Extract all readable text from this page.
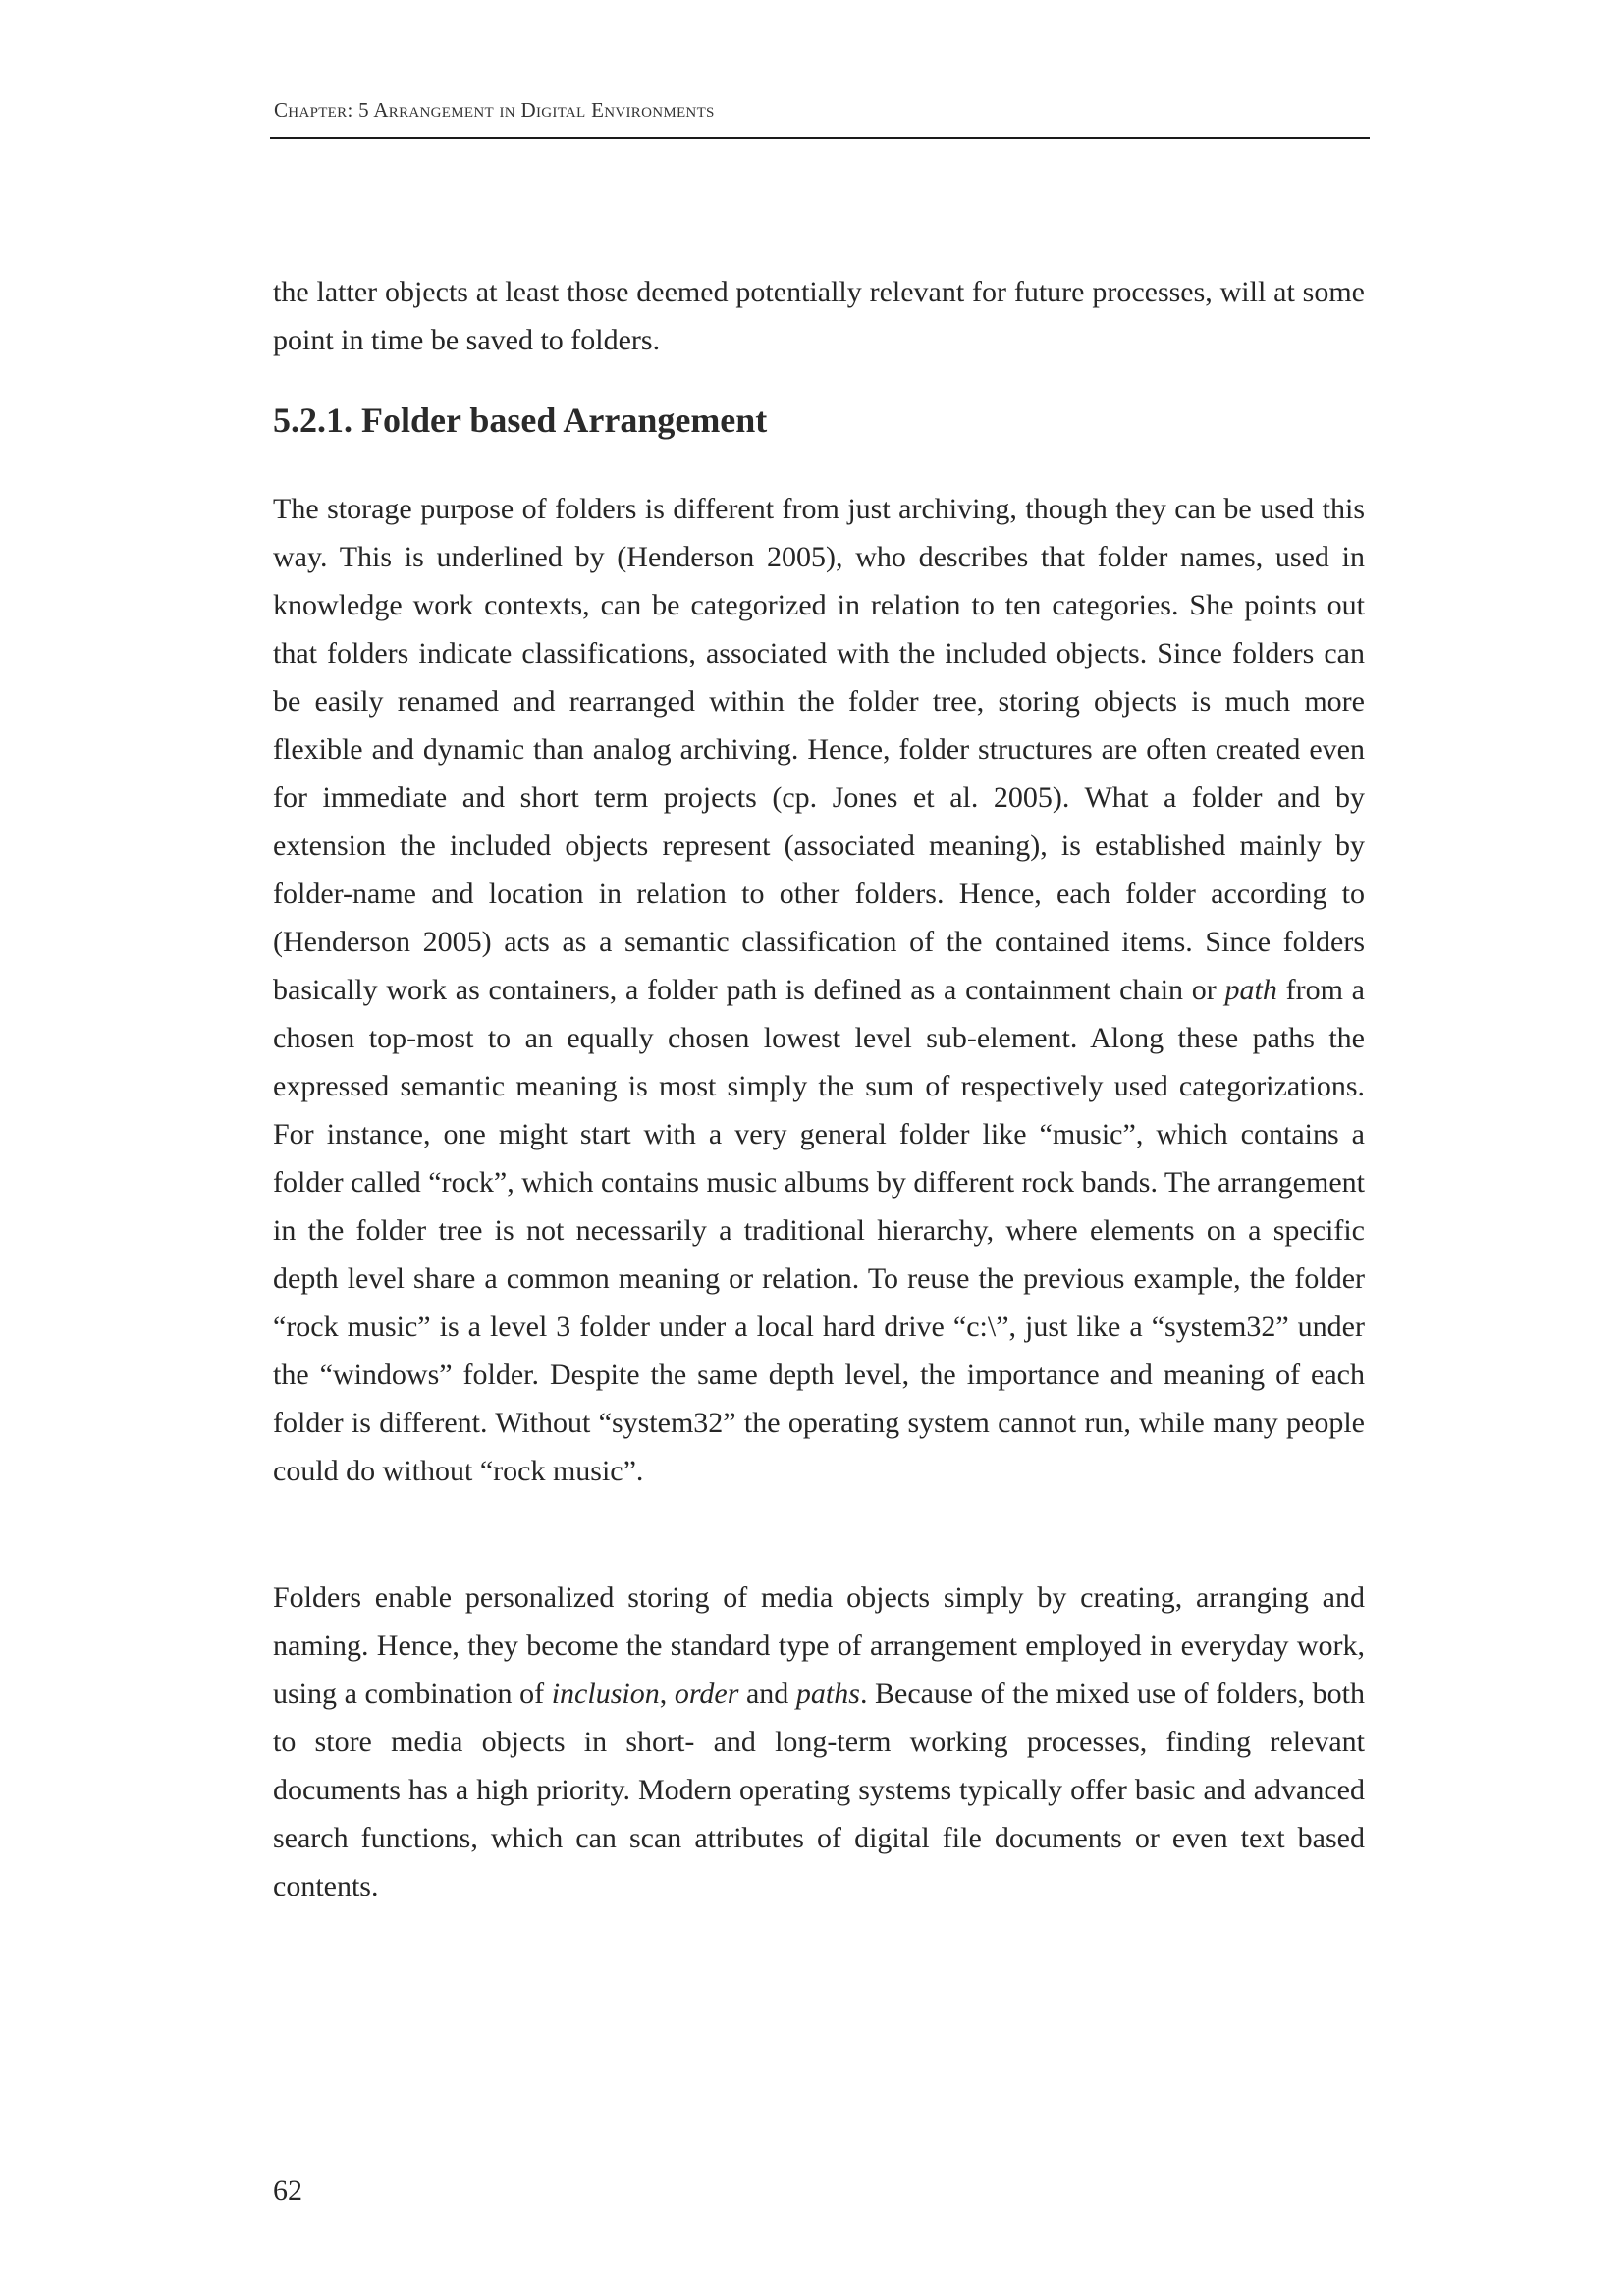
Chapter: 5 Arrangement in Digital Environments

the latter objects at least those deemed potentially relevant for future processes, will at some point in time be saved to folders.

5.2.1. Folder based Arrangement

The storage purpose of folders is different from just archiving, though they can be used this way. This is underlined by (Henderson 2005), who describes that folder names, used in knowledge work contexts, can be categorized in relation to ten categories. She points out that folders indicate classifications, associated with the included objects. Since folders can be easily renamed and rearranged within the folder tree, storing objects is much more flexible and dynamic than analog archiving. Hence, folder structures are often created even for immediate and short term projects (cp. Jones et al. 2005). What a folder and by extension the included objects represent (associated meaning), is established mainly by folder-name and location in relation to other folders. Hence, each folder according to (Henderson 2005) acts as a semantic classification of the contained items. Since folders basically work as containers, a folder path is defined as a containment chain or path from a chosen top-most to an equally chosen lowest level sub-element. Along these paths the expressed semantic meaning is most simply the sum of respectively used categorizations. For instance, one might start with a very general folder like “music”, which contains a folder called “rock”, which contains music albums by different rock bands. The arrangement in the folder tree is not necessarily a traditional hierarchy, where elements on a specific depth level share a common meaning or relation. To reuse the previous example, the folder “rock music” is a level 3 folder under a local hard drive “c:\”, just like a “system32” under the “windows” folder. Despite the same depth level, the importance and meaning of each folder is different. Without “system32” the operating system cannot run, while many people could do without “rock music”.

Folders enable personalized storing of media objects simply by creating, arranging and naming. Hence, they become the standard type of arrangement employed in everyday work, using a combination of inclusion, order and paths. Because of the mixed use of folders, both to store media objects in short- and long-term working processes, finding relevant documents has a high priority. Modern operating systems typically offer basic and advanced search functions, which can scan attributes of digital file documents or even text based contents.

62
